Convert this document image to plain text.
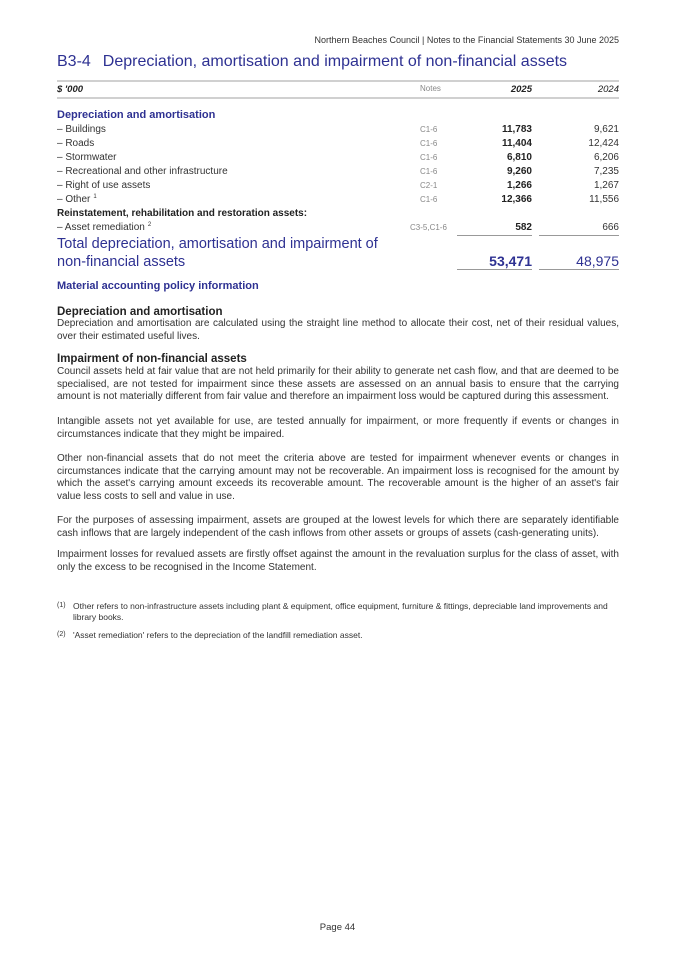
Northern Beaches Council | Notes to the Financial Statements 30 June 2025
B3-4 Depreciation, amortisation and impairment of non-financial assets
$ '000	Notes	2025	2024
Depreciation and amortisation
– Buildings	C1-6	11,783	9,621
– Roads	C1-6	11,404	12,424
– Stormwater	C1-6	6,810	6,206
– Recreational and other infrastructure	C1-6	9,260	7,235
– Right of use assets	C2-1	1,266	1,267
– Other $^1$	C1-6	12,366	11,556
Reinstatement, rehabilitation and restoration assets:
– Asset remediation $^2$	C3-5,C1-6	582	666
Total depreciation, amortisation and impairment of
non-financial assets	53,471	48,975
Material accounting policy information
Depreciation and amortisation
Depreciation and amortisation are calculated using the straight line method to allocate their cost, net of their residual values, over their estimated useful lives.
Impairment of non-financial assets
Council assets held at fair value that are not held primarily for their ability to generate net cash flow, and that are deemed to be specialised, are not tested for impairment since these assets are assessed on an annual basis to ensure that the carrying amount is not materially different from fair value and therefore an impairment loss would be captured during this assessment.
Intangible assets not yet available for use, are tested annually for impairment, or more frequently if events or changes in circumstances indicate that they might be impaired.
Other non-financial assets that do not meet the criteria above are tested for impairment whenever events or changes in circumstances indicate that the carrying amount may not be recoverable. An impairment loss is recognised for the amount by which the asset's carrying amount exceeds its recoverable amount. The recoverable amount is the higher of an asset's fair value less costs to sell and value in use.
For the purposes of assessing impairment, assets are grouped at the lowest levels for which there are separately identifiable cash inflows that are largely independent of the cash inflows from other assets or groups of assets (cash-generating units).
Impairment losses for revalued assets are firstly offset against the amount in the revaluation surplus for the class of asset, with only the excess to be recognised in the Income Statement.
(1) Other refers to non-infrastructure assets including plant & equipment, office equipment, furniture & fittings, depreciable land improvements and library books.
(2) 'Asset remediation' refers to the depreciation of the landfill remediation asset.
Page 44
